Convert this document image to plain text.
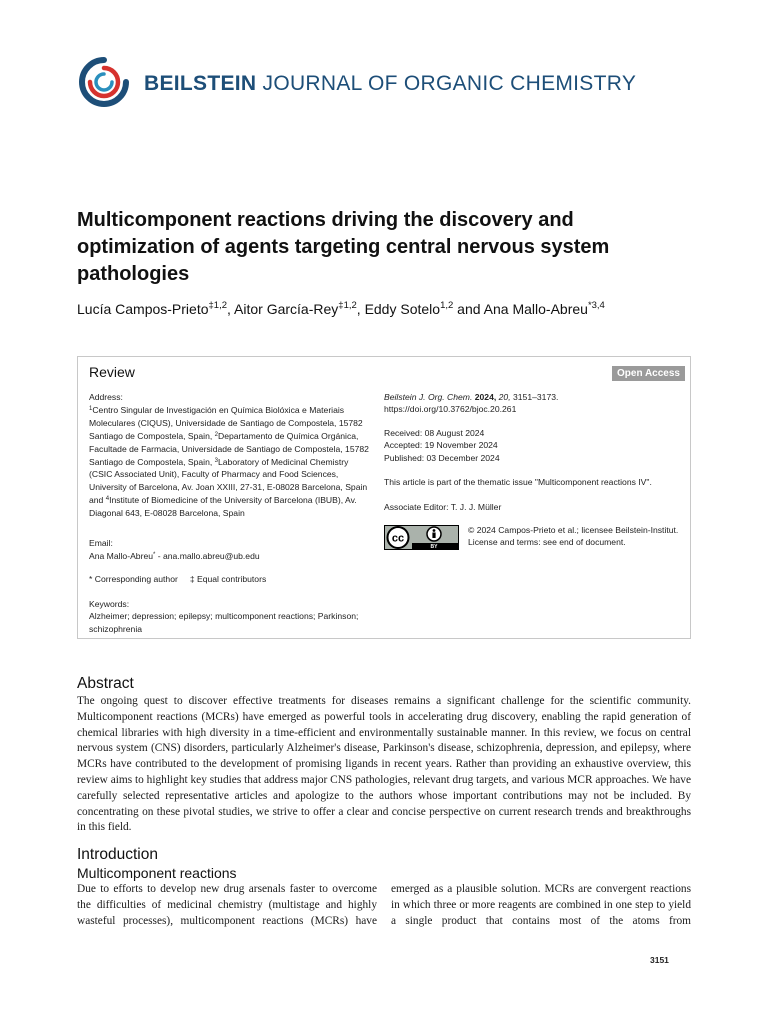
BEILSTEIN JOURNAL OF ORGANIC CHEMISTRY
Multicomponent reactions driving the discovery and optimization of agents targeting central nervous system pathologies
Lucía Campos-Prieto$^{\ddagger 1,2}$, Aitor García-Rey$^{\ddagger 1,2}$, Eddy Sotelo$^{1,2}$ and Ana Mallo-Abreu$^{*3,4}$
Review	Open Access
Address:
$^1$Centro Singular de Investigación en Química Biolóxica e Materiais Moleculares (CIQUS), Universidade de Santiago de Compostela, 15782 Santiago de Compostela, Spain, $^2$Departamento de Química Orgánica, Facultade de Farmacia, Universidade de Santiago de Compostela, 15782 Santiago de Compostela, Spain, $^3$Laboratory of Medicinal Chemistry (CSIC Associated Unit), Faculty of Pharmacy and Food Sciences, University of Barcelona, Av. Joan XXIII, 27-31, E-08028 Barcelona, Spain and $^4$Institute of Biomedicine of the University of Barcelona (IBUB), Av. Diagonal 643, E-08028 Barcelona, Spain
Email:
Ana Mallo-Abreu* - ana.mallo.abreu@ub.edu
* Corresponding author ‡ Equal contributors
Keywords:
Alzheimer; depression; epilepsy; multicomponent reactions; Parkinson; schizophrenia
Beilstein J. Org. Chem. 2024, 20, 3151–3173.
https://doi.org/10.3762/bjoc.20.261
Received: 08 August 2024
Accepted: 19 November 2024
Published: 03 December 2024
This article is part of the thematic issue "Multicomponent reactions IV".
Associate Editor: T. J. J. Müller
cc
BY
© 2024 Campos-Prieto et al.; licensee Beilstein-Institut.
License and terms: see end of document.
Abstract
The ongoing quest to discover effective treatments for diseases remains a significant challenge for the scientific community. Multicomponent reactions (MCRs) have emerged as powerful tools in accelerating drug discovery, enabling the rapid generation of chemical libraries with high diversity in a time-efficient and environmentally sustainable manner. In this review, we focus on central nervous system (CNS) disorders, particularly Alzheimer's disease, Parkinson's disease, schizophrenia, depression, and epilepsy, where MCRs have contributed to the development of promising ligands in recent years. Rather than providing an exhaustive overview, this review aims to highlight key studies that address major CNS pathologies, relevant drug targets, and various MCR approaches. We have carefully selected representative articles and apologize to the authors whose important contributions may not be included. By concentrating on these pivotal studies, we strive to offer a clear and concise perspective on current research trends and breakthroughs in this field.
Introduction
Multicomponent reactions
Due to efforts to develop new drug arsenals faster to overcome the difficulties of medicinal chemistry (multistage and highly wasteful processes), multicomponent reactions (MCRs) have
emerged as a plausible solution. MCRs are convergent reactions in which three or more reagents are combined in one step to yield a single product that contains most of the atoms from
3151
